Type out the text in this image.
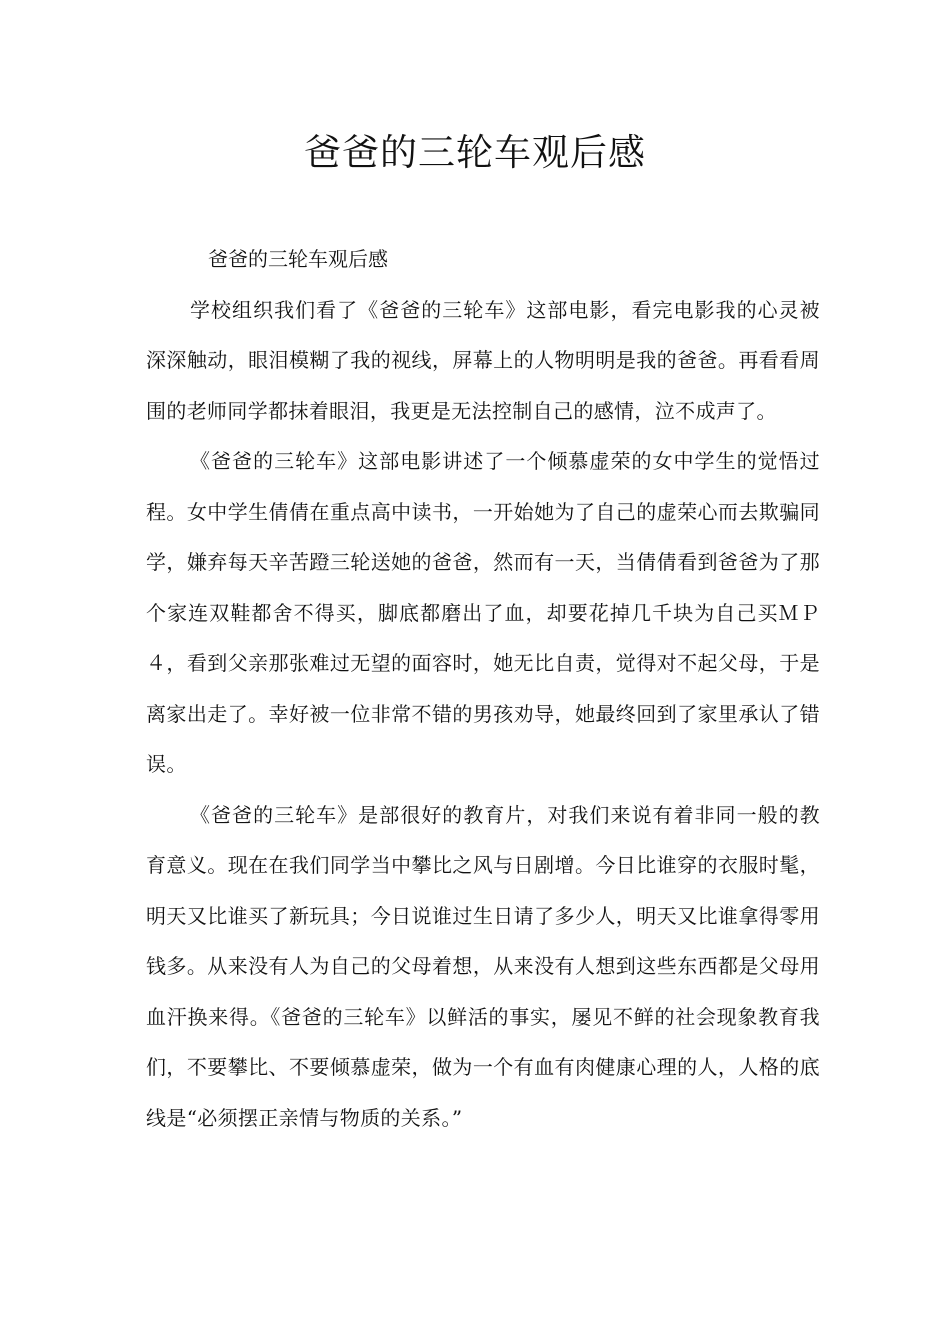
爸爸的三轮车观后感

爸爸的三轮车观后感

学校组织我们看了《爸爸的三轮车》这部电影，看完电影我的心灵被深深触动，眼泪模糊了我的视线，屏幕上的人物明明是我的爸爸。再看看周围的老师同学都抹着眼泪，我更是无法控制自己的感情，泣不成声了。

《爸爸的三轮车》这部电影讲述了一个倾慕虚荣的女中学生的觉悟过程。女中学生倩倩在重点高中读书，一开始她为了自己的虚荣心而去欺骗同学，嫌弃每天辛苦蹬三轮送她的爸爸，然而有一天，当倩倩看到爸爸为了那个家连双鞋都舍不得买，脚底都磨出了血，却要花掉几千块为自己买ＭＰ４，看到父亲那张难过无望的面容时，她无比自责，觉得对不起父母，于是离家出走了。幸好被一位非常不错的男孩劝导，她最终回到了家里承认了错误。

《爸爸的三轮车》是部很好的教育片，对我们来说有着非同一般的教育意义。现在在我们同学当中攀比之风与日剧增。今日比谁穿的衣服时髦，明天又比谁买了新玩具；今日说谁过生日请了多少人，明天又比谁拿得零用钱多。从来没有人为自己的父母着想，从来没有人想到这些东西都是父母用血汗换来得。《爸爸的三轮车》以鲜活的事实，屡见不鲜的社会现象教育我们，不要攀比、不要倾慕虚荣，做为一个有血有肉健康心理的人，人格的底线是“必须摆正亲情与物质的关系。”
